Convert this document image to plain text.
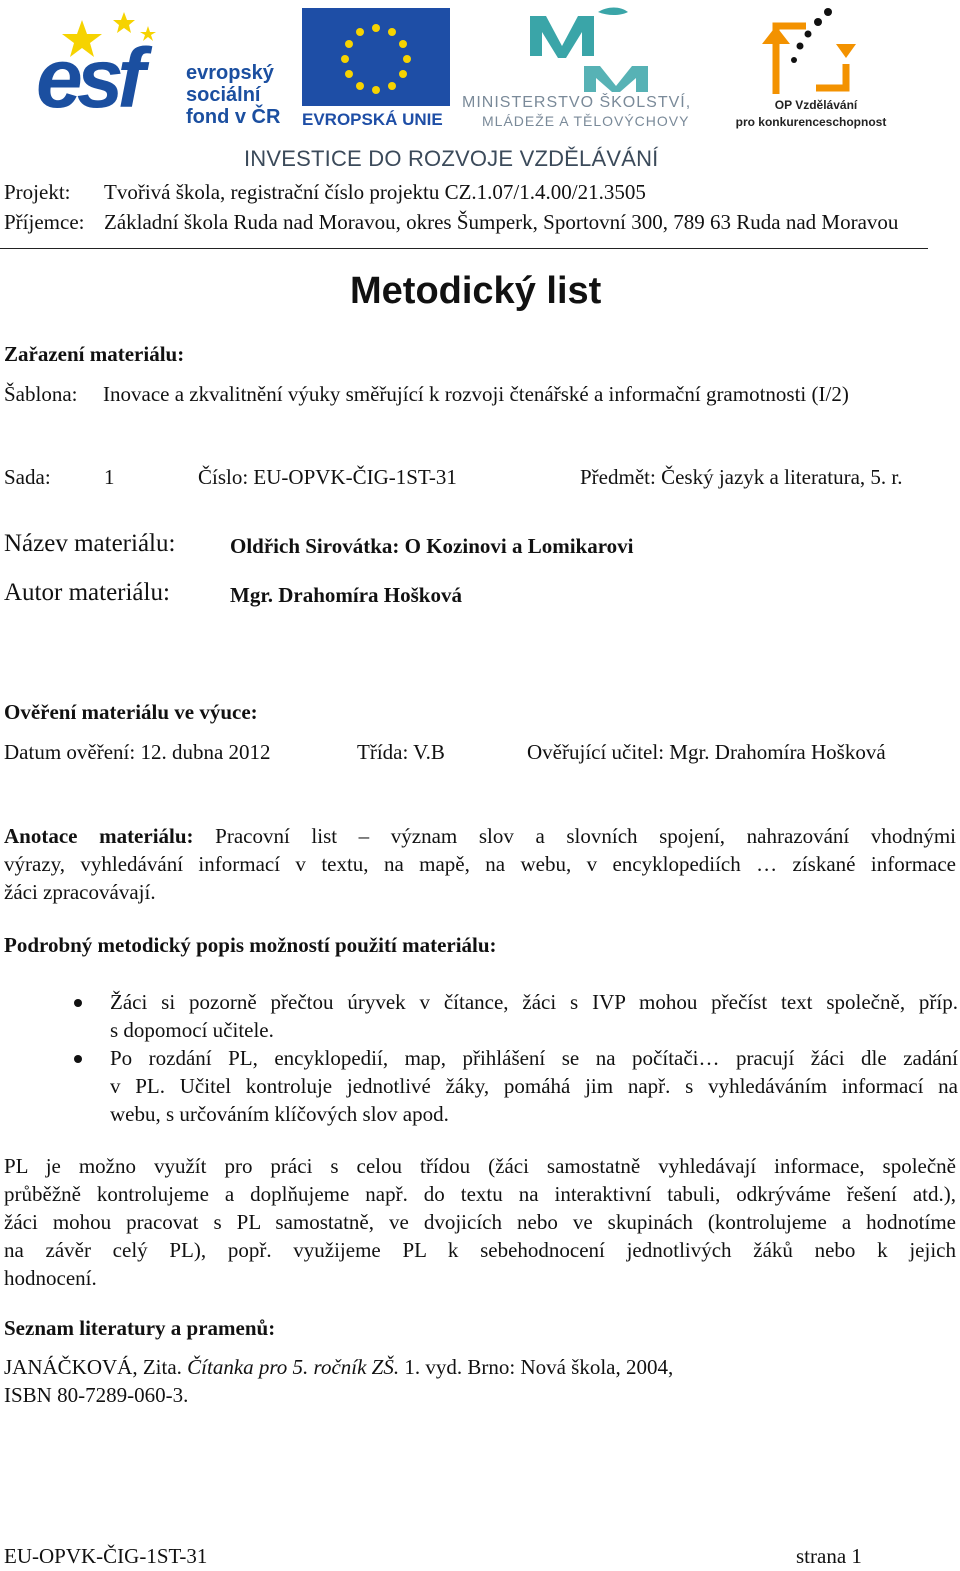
esf evropský
sociální
fond v ČR EVROPSKÁ UNIE
MINISTERSTVO ŠKOLSTVÍ,
MLÁDEŽE A TĚLOVÝCHOVY
OP Vzdělávání
pro konkurenceschopnost
INVESTICE DO ROZVOJE VZDĚLÁVÁNÍ
Projekt: Tvořivá škola, registrační číslo projektu CZ.1.07/1.4.00/21.3505
Příjemce: Základní škola Ruda nad Moravou, okres Šumperk, Sportovní 300, 789 63 Ruda nad Moravou
Metodický list
Zařazení materiálu:
Šablona: Inovace a zkvalitnění výuky směřující k rozvoji čtenářské a informační gramotnosti (I/2)
Sada:	1	Číslo: EU-OPVK-ČIG-1ST-31	Předmět: Český jazyk a literatura, 5. r.
Název materiálu:	Oldřich Sirovátka: O Kozinovi a Lomikarovi
Autor materiálu:	Mgr. Drahomíra Hošková
Ověření materiálu ve výuce:
Datum ověření: 12. dubna 2012	Třída: V.B	Ověřující učitel: Mgr. Drahomíra Hošková
Anotace materiálu: Pracovní list – význam slov a slovních spojení, nahrazování vhodnými
výrazy, vyhledávání informací v textu, na mapě, na webu, v encyklopediích … získané informace
žáci zpracovávají.
Podrobný metodický popis možností použití materiálu:
Žáci si pozorně přečtou úryvek v čítance, žáci s IVP mohou přečíst text společně, příp.
s dopomocí učitele.
Po rozdání PL, encyklopedií, map, přihlášení se na počítači… pracují žáci dle zadání
v PL. Učitel kontroluje jednotlivé žáky, pomáhá jim např. s vyhledáváním informací na
webu, s určováním klíčových slov apod.
PL je možno využít pro práci s celou třídou (žáci samostatně vyhledávají informace, společně
průběžně kontrolujeme a doplňujeme např. do textu na interaktivní tabuli, odkrýváme řešení atd.),
žáci mohou pracovat s PL samostatně, ve dvojicích nebo ve skupinách (kontrolujeme a hodnotíme
na závěr celý PL), popř. využijeme PL k sebehodnocení jednotlivých žáků nebo k jejich
hodnocení.
Seznam literatury a pramenů:
JANÁČKOVÁ, Zita. Čítanka pro 5. ročník ZŠ. 1. vyd. Brno: Nová škola, 2004,
ISBN 80-7289-060-3.
EU-OPVK-ČIG-1ST-31	strana 1
